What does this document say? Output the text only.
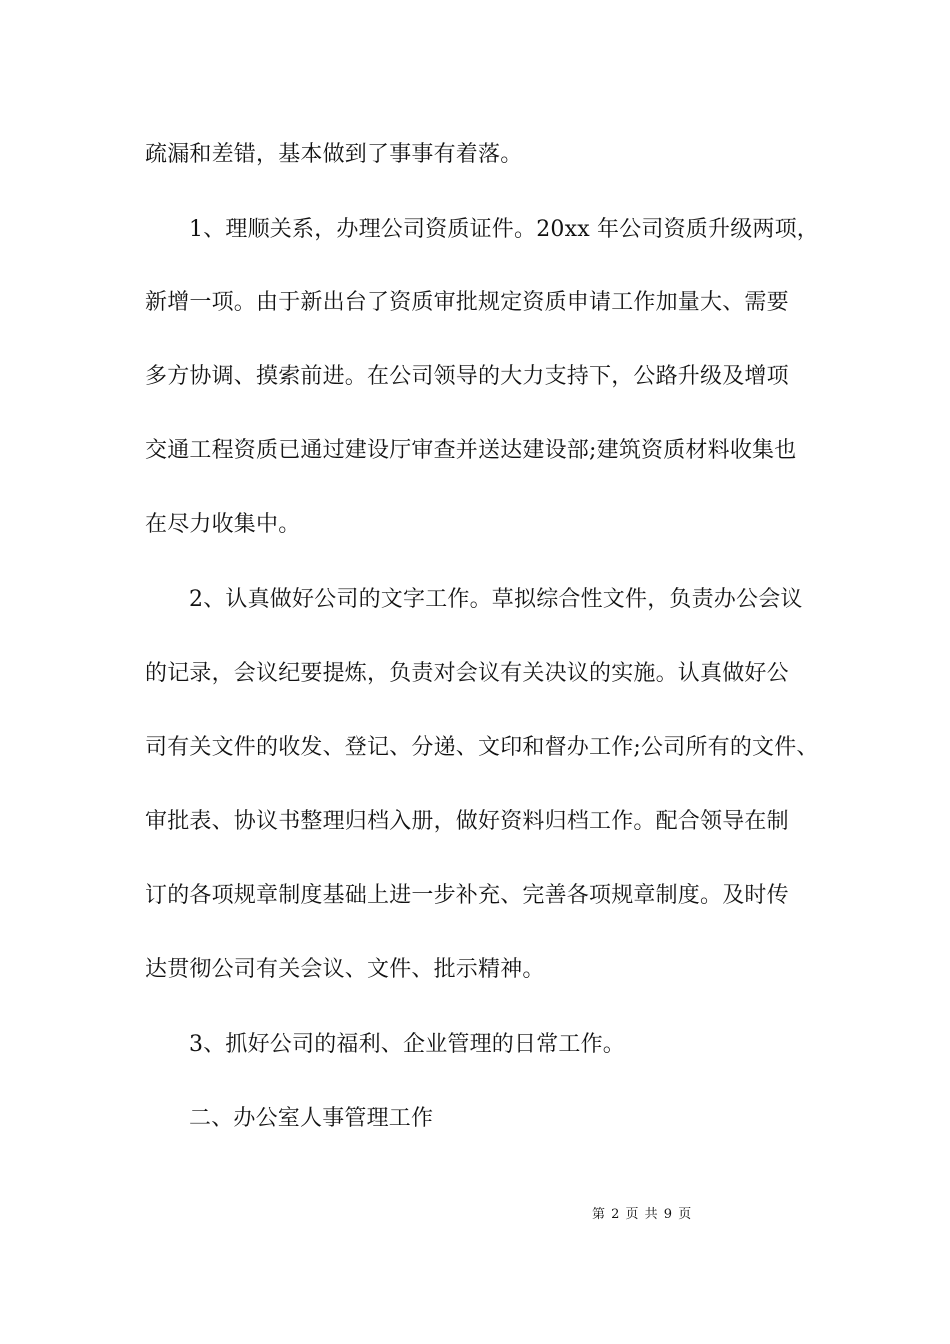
疏漏和差错，基本做到了事事有着落。
1、理顺关系，办理公司资质证件。20xx 年公司资质升级两项，
新增一项。由于新出台了资质审批规定资质申请工作加量大、需要
多方协调、摸索前进。在公司领导的大力支持下，公路升级及增项
交通工程资质已通过建设厅审查并送达建设部;建筑资质材料收集也
在尽力收集中。
2、认真做好公司的文字工作。草拟综合性文件，负责办公会议
的记录，会议纪要提炼，负责对会议有关决议的实施。认真做好公
司有关文件的收发、登记、分递、文印和督办工作;公司所有的文件、
审批表、协议书整理归档入册，做好资料归档工作。配合领导在制
订的各项规章制度基础上进一步补充、完善各项规章制度。及时传
达贯彻公司有关会议、文件、批示精神。
3、抓好公司的福利、企业管理的日常工作。
二、办公室人事管理工作
第 2 页 共 9 页
